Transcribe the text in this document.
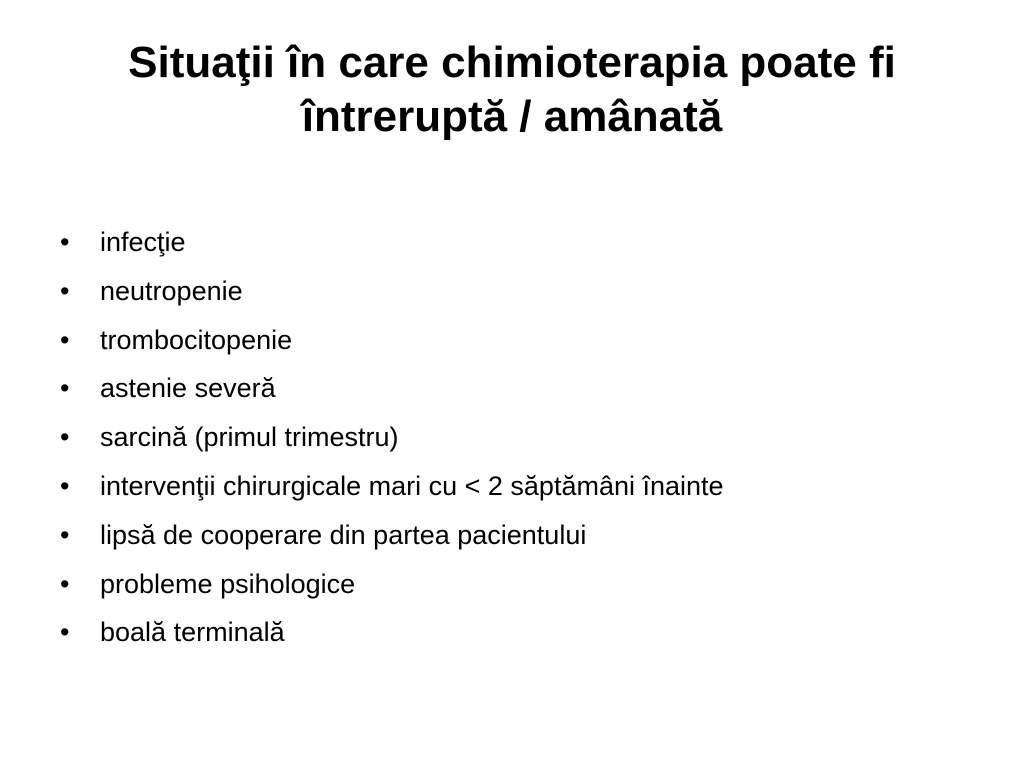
Situaţii în care chimioterapia poate fi
întreruptă / amânată
• infecţie
• neutropenie
• trombocitopenie
• astenie severă
• sarcină (primul trimestru)
• intervenţii chirurgicale mari cu < 2 săptămâni înainte
• lipsă de cooperare din partea pacientului
• probleme psihologice
• boală terminală
